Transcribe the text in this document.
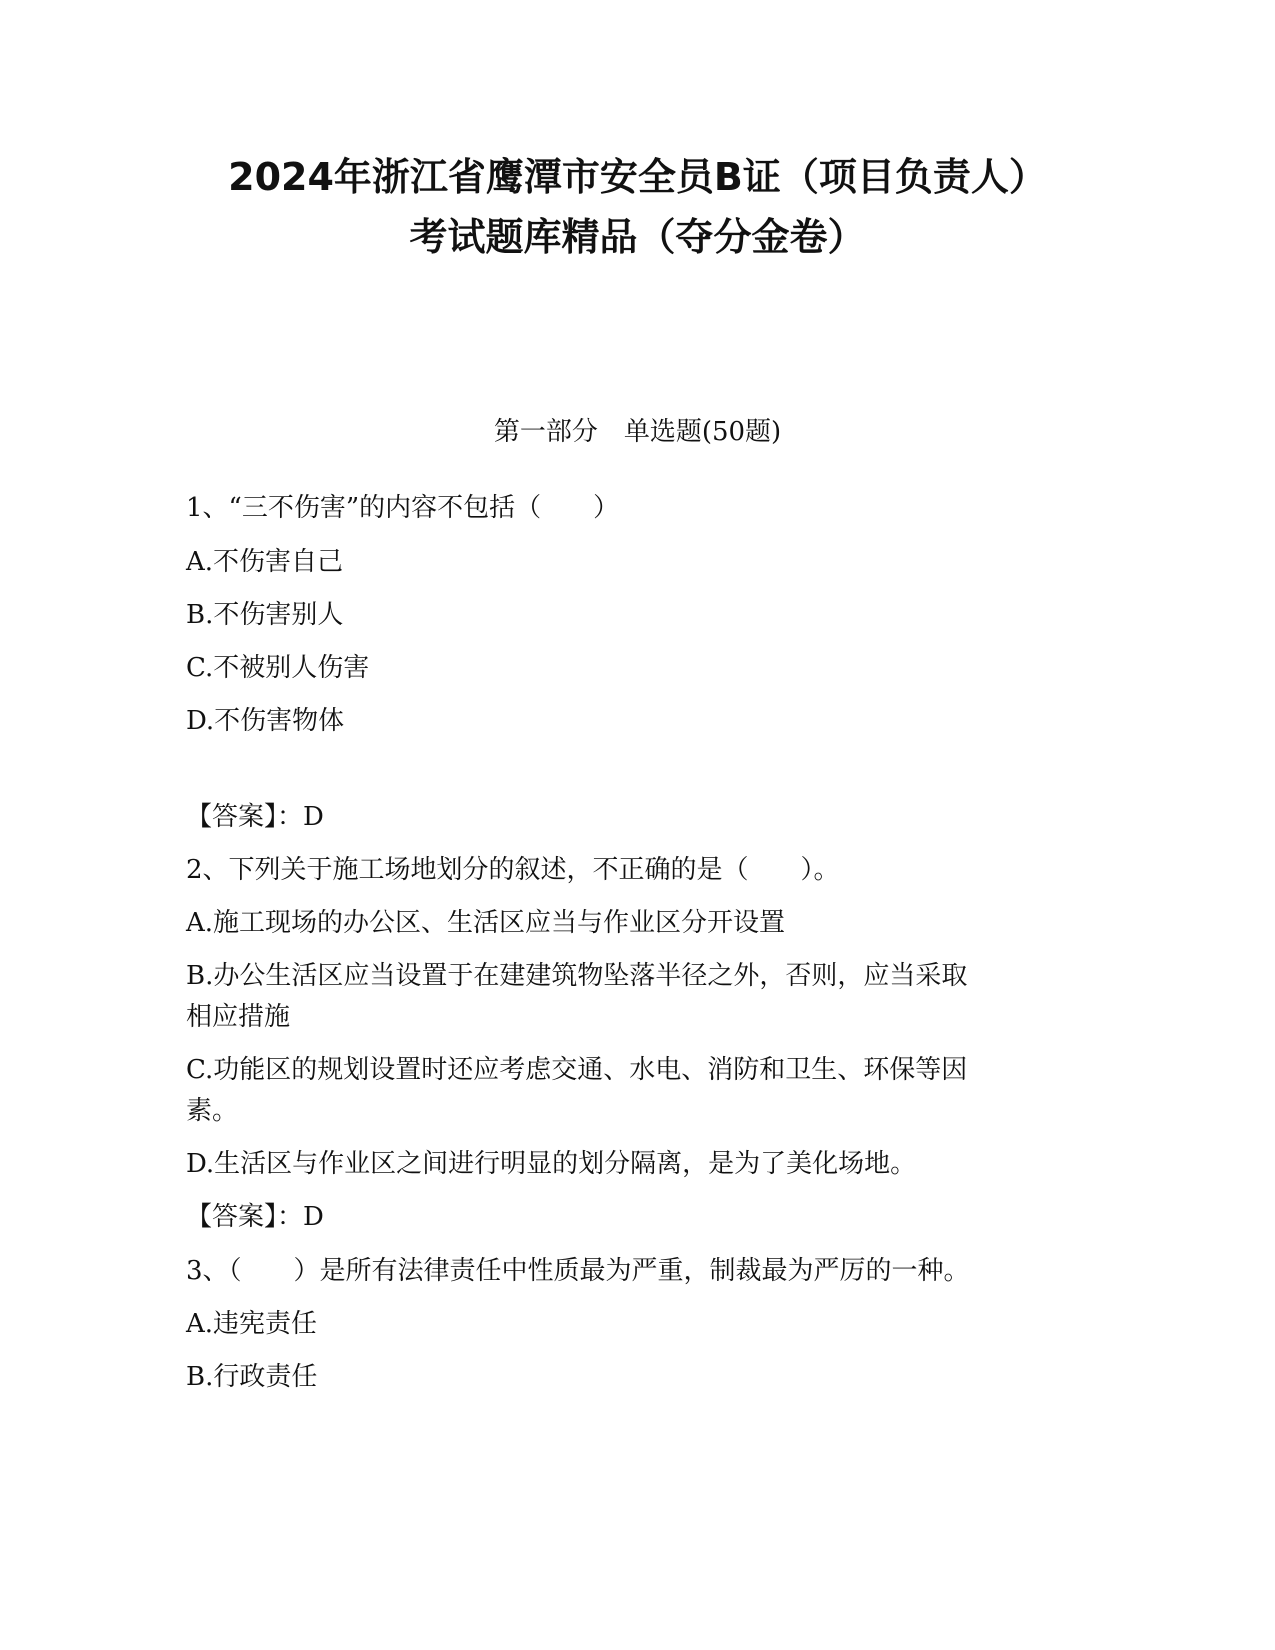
2024年浙江省鹰潭市安全员B证（项目负责人）
考试题库精品（夺分金卷）
第一部分　单选题(50题)
1、“三不伤害”的内容不包括（　　）
A.不伤害自己
B.不伤害别人
C.不被别人伤害
D.不伤害物体
【答案】：D
2、下列关于施工场地划分的叙述，不正确的是（　　）。
A.施工现场的办公区、生活区应当与作业区分开设置
B.办公生活区应当设置于在建建筑物坠落半径之外，否则，应当采取
相应措施
C.功能区的规划设置时还应考虑交通、水电、消防和卫生、环保等因
素。
D.生活区与作业区之间进行明显的划分隔离，是为了美化场地。
【答案】：D
3、（　　）是所有法律责任中性质最为严重，制裁最为严厉的一种。
A.违宪责任
B.行政责任
